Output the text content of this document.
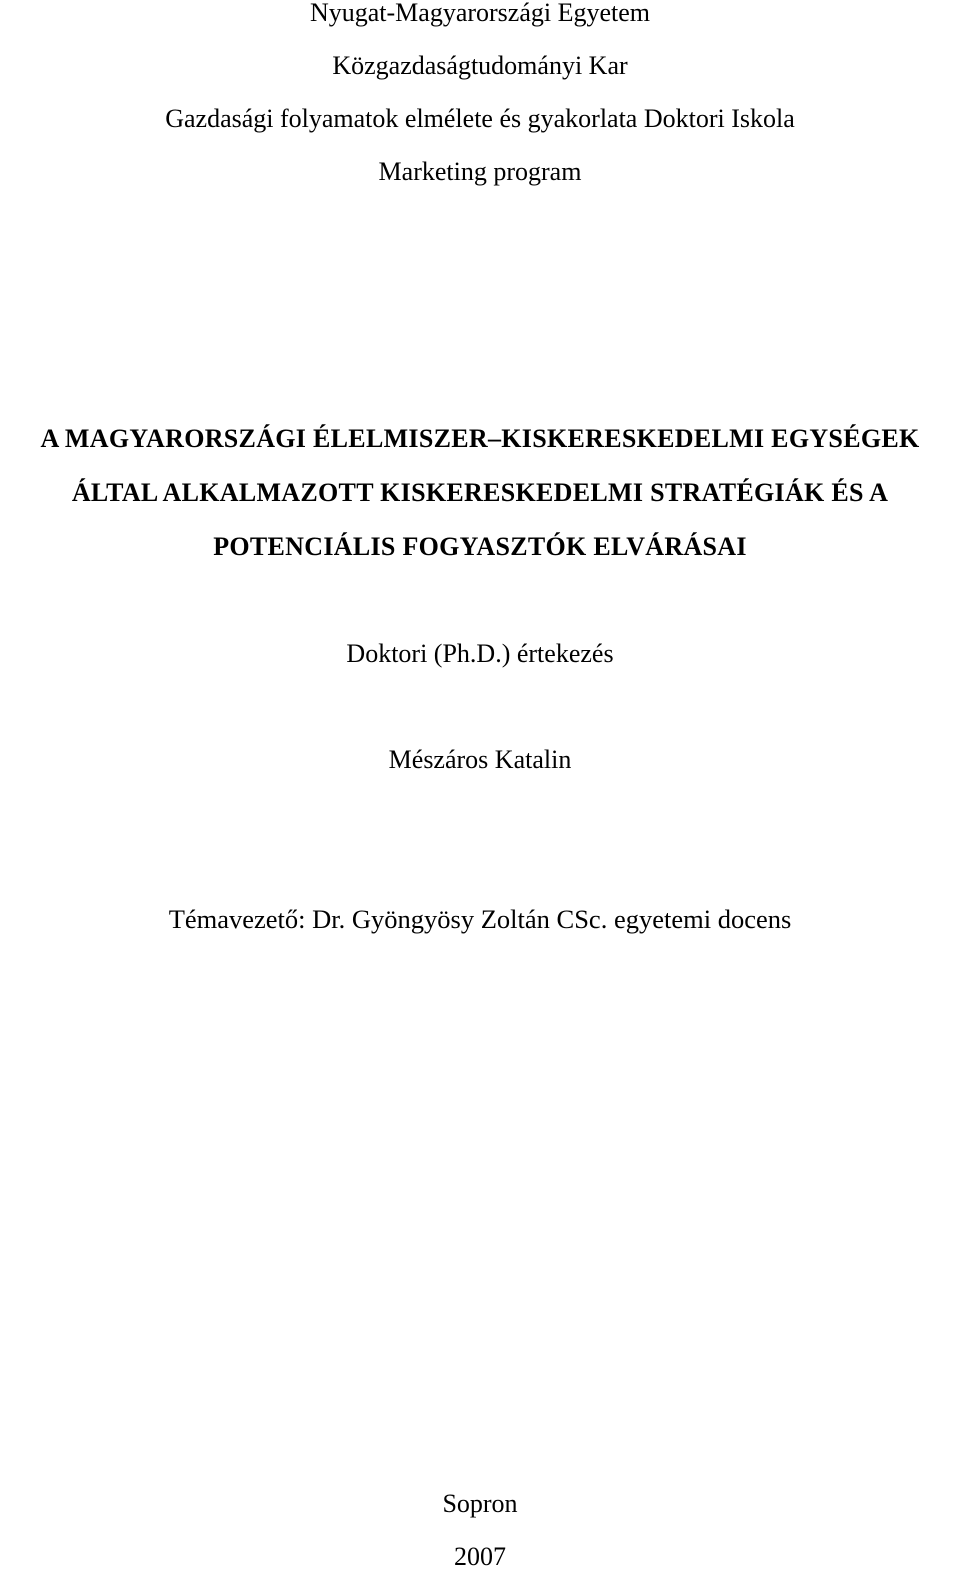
Nyugat-Magyarországi Egyetem
Közgazdaságtudományi Kar
Gazdasági folyamatok elmélete és gyakorlata Doktori Iskola
Marketing program
A MAGYARORSZÁGI ÉLELMISZER–KISKERESKEDELMI EGYSÉGEK
ÁLTAL ALKALMAZOTT KISKERESKEDELMI STRATÉGIÁK ÉS A
POTENCIÁLIS FOGYASZTÓK ELVÁRÁSAI
Doktori (Ph.D.) értekezés
Mészáros Katalin
Témavezető: Dr. Gyöngyösy Zoltán CSc. egyetemi docens
Sopron
2007
